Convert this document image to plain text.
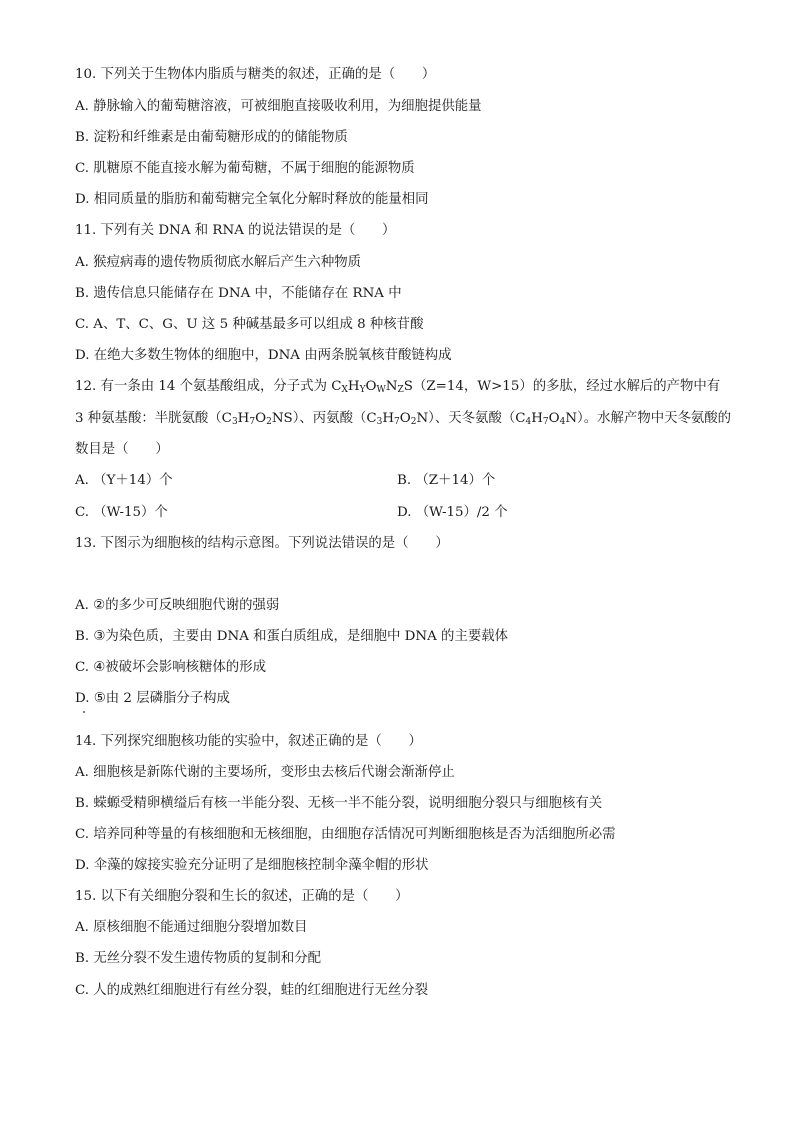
10. 下列关于生物体内脂质与糖类的叙述，正确的是（　　）
A. 静脉输入的葡萄糖溶液，可被细胞直接吸收利用，为细胞提供能量
B. 淀粉和纤维素是由葡萄糖形成的的储能物质
C. 肌糖原不能直接水解为葡萄糖，不属于细胞的能源物质
D. 相同质量的脂肪和葡萄糖完全氧化分解时释放的能量相同
11. 下列有关 DNA 和 RNA 的说法错误的是（　　）
A. 猴痘病毒的遗传物质彻底水解后产生六种物质
B. 遗传信息只能储存在 DNA 中，不能储存在 RNA 中
C. A、T、C、G、U 这 5 种碱基最多可以组成 8 种核苷酸
D. 在绝大多数生物体的细胞中，DNA 由两条脱氧核苷酸链构成
12. 有一条由 14 个氨基酸组成，分子式为 $C_XH_YO_WN_ZS(Z=14$，W>15）的多肽，经过水解后的产物中有
3 种氨基酸：半胱氨酸$(C_3H_7O_2NS)$、丙氨酸$(C_3H_7O_2N)$、天冬氨酸$(C_4H_7O_4N)$。水解产物中天冬氨酸的
数目是（　　）
A. （Y＋14）个	B. （Z＋14）个
C. （W-15）个	D. （W-15）/2 个
13. 下图示为细胞核的结构示意图。下列说法错误的是（　　）
A. ②的多少可反映细胞代谢的强弱
B. ③为染色质，主要由 DNA 和蛋白质组成，是细胞中 DNA 的主要载体
C. ④被破坏会影响核糖体的形成
D. ⑤由 2 层磷脂分子构成
14. 下列探究细胞核功能的实验中，叙述正确的是（　　）
A. 细胞核是新陈代谢的主要场所，变形虫去核后代谢会渐渐停止
B. 蝾螈受精卵横缢后有核一半能分裂、无核一半不能分裂，说明细胞分裂只与细胞核有关
C. 培养同种等量的有核细胞和无核细胞，由细胞存活情况可判断细胞核是否为活细胞所必需
D. 伞藻的嫁接实验充分证明了是细胞核控制伞藻伞帽的形状
15. 以下有关细胞分裂和生长的叙述，正确的是（　　）
A. 原核细胞不能通过细胞分裂增加数目
B. 无丝分裂不发生遗传物质的复制和分配
C. 人的成熟红细胞进行有丝分裂，蛙的红细胞进行无丝分裂
